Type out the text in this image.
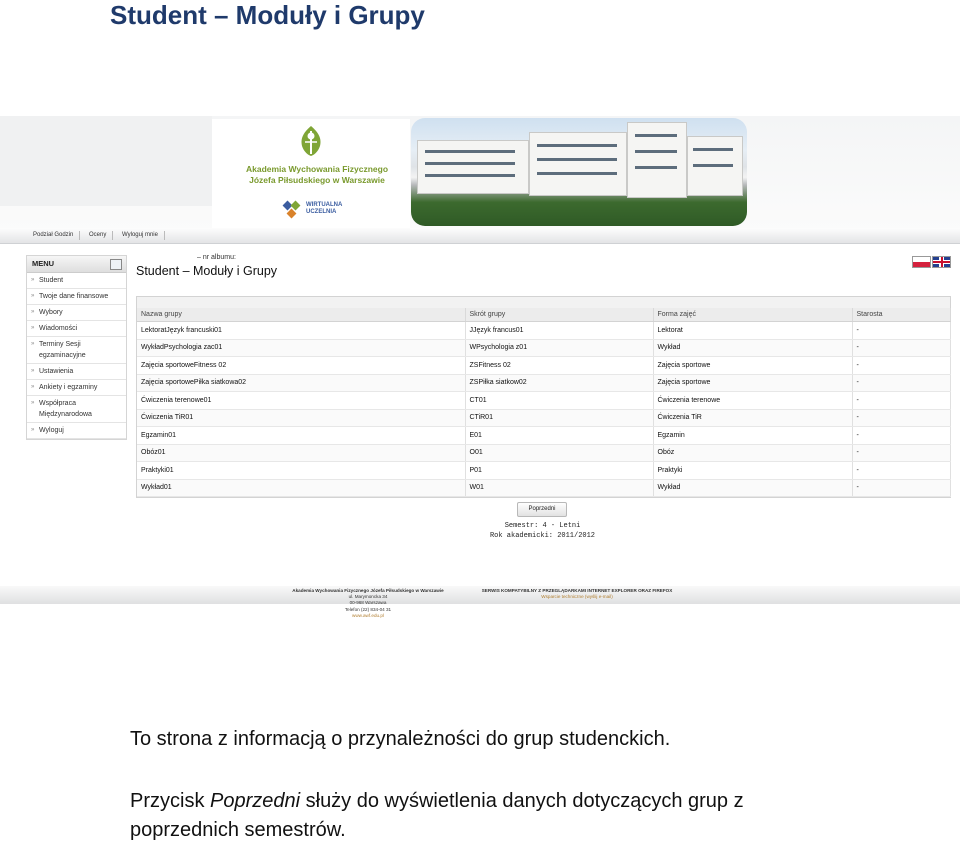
Student – Moduły i Grupy
Akademia Wychowania Fizycznego
Józefa Piłsudskiego w Warszawie
WIRTUALNA
UCZELNIA
Podział Godzin	Oceny	Wyloguj mnie
MENU
» Student
» Twoje dane finansowe
» Wybory
» Wiadomości
» Terminy Sesji egzaminacyjne
» Ustawienia
» Ankiety i egzaminy
» Współpraca Międzynarodowa
» Wyloguj
– nr albumu:
Student – Moduły i Grupy
Nazwa grupy	Skrót grupy	Forma zajęć	Starosta
LektoratJęzyk francuski01	JJęzyk francus01	Lektorat	-
WykładPsychologia zac01	WPsychologia z01	Wykład	-
Zajęcia sportoweFitness 02	ZSFitness 02	Zajęcia sportowe	-
Zajęcia sportowePiłka siatkowa02	ZSPiłka siatkow02	Zajęcia sportowe	-
Ćwiczenia terenowe01	CT01	Ćwiczenia terenowe	-
Ćwiczenia TiR01	CTiR01	Ćwiczenia TiR	-
Egzamin01	E01	Egzamin	-
Obóz01	O01	Obóz	-
Praktyki01	P01	Praktyki	-
Wykład01	W01	Wykład	-
Poprzedni
Semestr: 4 - Letni
Rok akademicki: 2011/2012
Akademia Wychowania Fizycznego Józefa Piłsudskiego w Warszawie
ul. Marymoncka 34
00-968 Warszawa
Telefon (22) 834-04 31
www.awf.edu.pl
SERWIS KOMPATYBILNY Z PRZEGLĄDARKAMI INTERNET EXPLORER ORAZ FIREFOX
Wsparcie techniczne (wyślij e-mail)
To strona z informacją o przynależności do grup studenckich.
Przycisk Poprzedni służy do wyświetlenia danych dotyczących grup z poprzednich semestrów.
